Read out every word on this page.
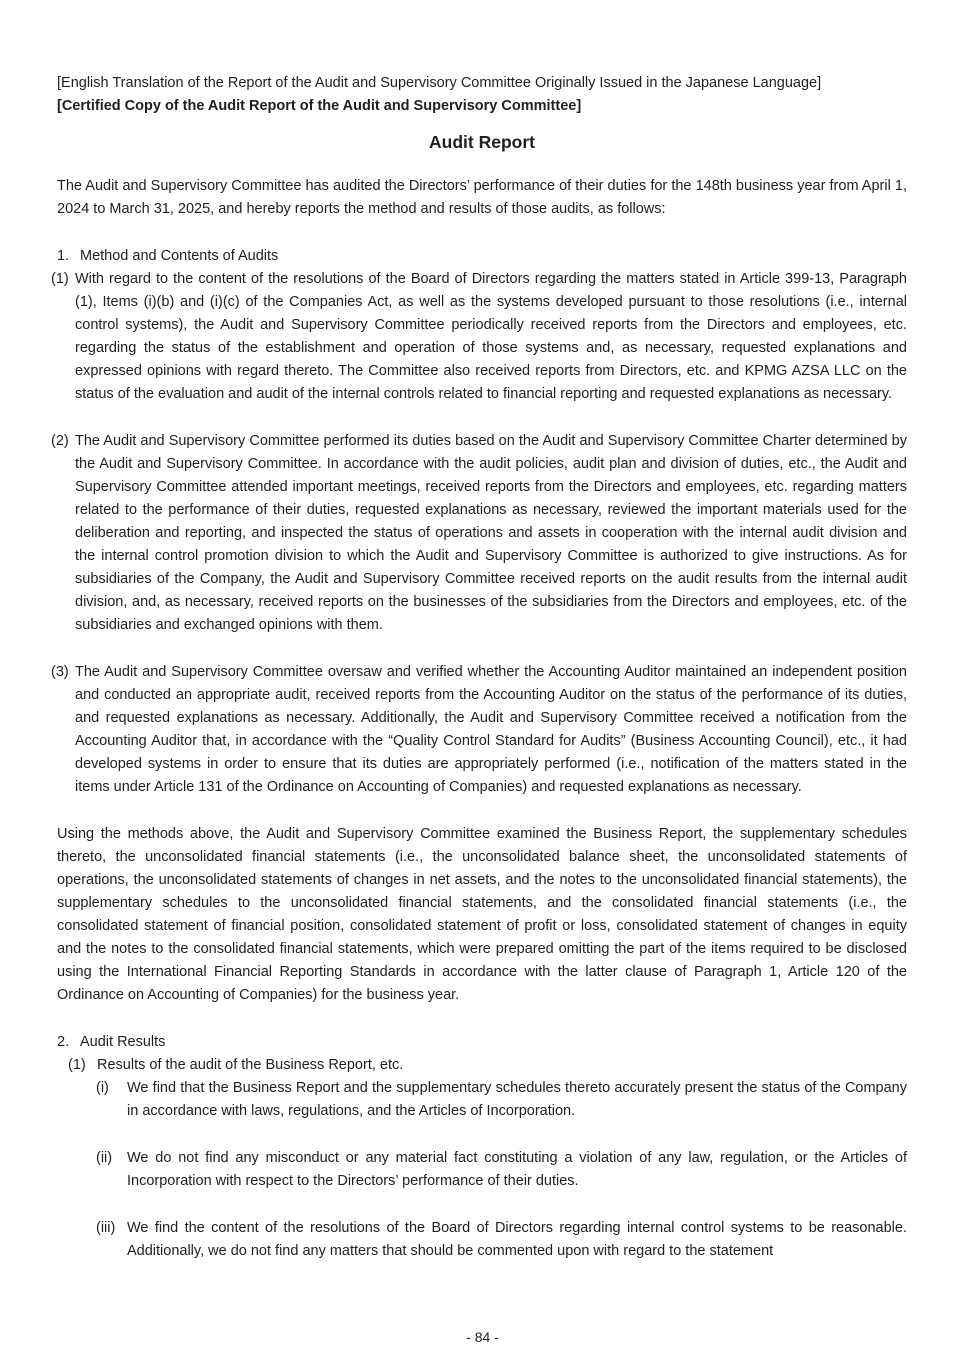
[English Translation of the Report of the Audit and Supervisory Committee Originally Issued in the Japanese Language]
[Certified Copy of the Audit Report of the Audit and Supervisory Committee]
Audit Report

The Audit and Supervisory Committee has audited the Directors’ performance of their duties for the 148th business year from April 1, 2024 to March 31, 2025, and hereby reports the method and results of those audits, as follows:

1. Method and Contents of Audits
(1) With regard to the content of the resolutions of the Board of Directors regarding the matters stated in Article 399-13, Paragraph (1), Items (i)(b) and (i)(c) of the Companies Act, as well as the systems developed pursuant to those resolutions (i.e., internal control systems), the Audit and Supervisory Committee periodically received reports from the Directors and employees, etc. regarding the status of the establishment and operation of those systems and, as necessary, requested explanations and expressed opinions with regard thereto. The Committee also received reports from Directors, etc. and KPMG AZSA LLC on the status of the evaluation and audit of the internal controls related to financial reporting and requested explanations as necessary.
(2) The Audit and Supervisory Committee performed its duties based on the Audit and Supervisory Committee Charter determined by the Audit and Supervisory Committee. In accordance with the audit policies, audit plan and division of duties, etc., the Audit and Supervisory Committee attended important meetings, received reports from the Directors and employees, etc. regarding matters related to the performance of their duties, requested explanations as necessary, reviewed the important materials used for the deliberation and reporting, and inspected the status of operations and assets in cooperation with the internal audit division and the internal control promotion division to which the Audit and Supervisory Committee is authorized to give instructions. As for subsidiaries of the Company, the Audit and Supervisory Committee received reports on the audit results from the internal audit division, and, as necessary, received reports on the businesses of the subsidiaries from the Directors and employees, etc. of the subsidiaries and exchanged opinions with them.
(3) The Audit and Supervisory Committee oversaw and verified whether the Accounting Auditor maintained an independent position and conducted an appropriate audit, received reports from the Accounting Auditor on the status of the performance of its duties, and requested explanations as necessary. Additionally, the Audit and Supervisory Committee received a notification from the Accounting Auditor that, in accordance with the “Quality Control Standard for Audits” (Business Accounting Council), etc., it had developed systems in order to ensure that its duties are appropriately performed (i.e., notification of the matters stated in the items under Article 131 of the Ordinance on Accounting of Companies) and requested explanations as necessary.

Using the methods above, the Audit and Supervisory Committee examined the Business Report, the supplementary schedules thereto, the unconsolidated financial statements (i.e., the unconsolidated balance sheet, the unconsolidated statements of operations, the unconsolidated statements of changes in net assets, and the notes to the unconsolidated financial statements), the supplementary schedules to the unconsolidated financial statements, and the consolidated financial statements (i.e., the consolidated statement of financial position, consolidated statement of profit or loss, consolidated statement of changes in equity and the notes to the consolidated financial statements, which were prepared omitting the part of the items required to be disclosed using the International Financial Reporting Standards in accordance with the latter clause of Paragraph 1, Article 120 of the Ordinance on Accounting of Companies) for the business year.

2. Audit Results
(1) Results of the audit of the Business Report, etc.
(i)	We find that the Business Report and the supplementary schedules thereto accurately present the status of the Company in accordance with laws, regulations, and the Articles of Incorporation.
(ii)	We do not find any misconduct or any material fact constituting a violation of any law, regulation, or the Articles of Incorporation with respect to the Directors’ performance of their duties.
(iii) We find the content of the resolutions of the Board of Directors regarding internal control systems to be reasonable. Additionally, we do not find any matters that should be commented upon with regard to the statement
- 84 -
